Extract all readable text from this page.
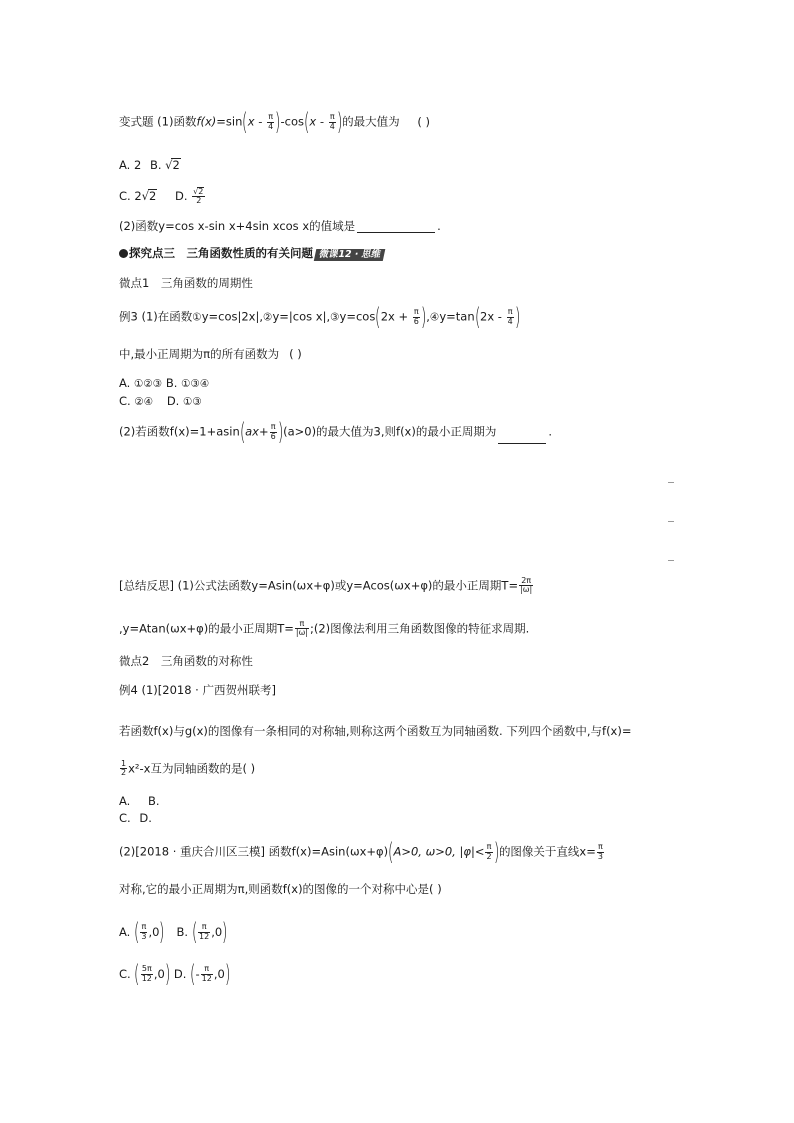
变式题 (1)函数$f(x)=\sin(x - \frac{\pi}{4} )-\cos(x - \frac{\pi}{4}$ )的最大值为 ( )
A. 2 B. √2
C. 2√2 D. $\frac{√2}{2}$
(2)函数y=cos x-sin x+4sin xcos x的值域是	.
探究点三　三角函数性质的有关问题 微课12 · 思维
微点1　三角函数的周期性
例3 (1)在函数①y=cos|2x|,②y=|cos x|,③y=cos(2x + $\frac{\pi}{6}$ ),④y=tan(2x - $\frac{\pi}{4}$ )
中,最小正周期为π的所有函数为 ( )
A. ①②③ B. ①③④
C. ②④ D. ①③
(2)若函数$f(x)=1+asin(ax+ \frac{\pi}{6} )(a>0)$的最大值为3,则f(x)的最小正周期为	.
[总结反思] (1)公式法函数y=Asin(ωx+φ)或y=Acos(ωx+φ)的最小正周期$T= \frac{2\pi}{|\omega|}$
,y=Atan(ωx+φ)的最小正周期$T= \frac{\pi}{|\omega|}$ ;(2)图像法利用三角函数图像的特征求周期.
微点2　三角函数的对称性
例4 (1)[2018 · 广西贺州联考]
若函数f(x)与g(x)的图像有一条相同的对称轴,则称这两个函数互为同轴函数. 下列四个函数中,与f(x)=
$\frac{1}{2} x^2-x$互为同轴函数的是( )
A. B.
C. D.
(2)[2018 · 重庆合川区三模] 函数f(x)=Asin(ωx+φ)(A>0, ω>0, $|\varphi|< \frac{\pi}{2}$ )的图像关于直线$x= \frac{\pi}{3}$
对称,它的最小正周期为π,则函数f(x)的图像的一个对称中心是( )
A. ( $\frac{\pi}{3} ,0$) B. ( $\frac{\pi}{12} ,0$)
C. ( $\frac{5\pi}{12} ,0$) D. (- $\frac{\pi}{12} ,0$)
